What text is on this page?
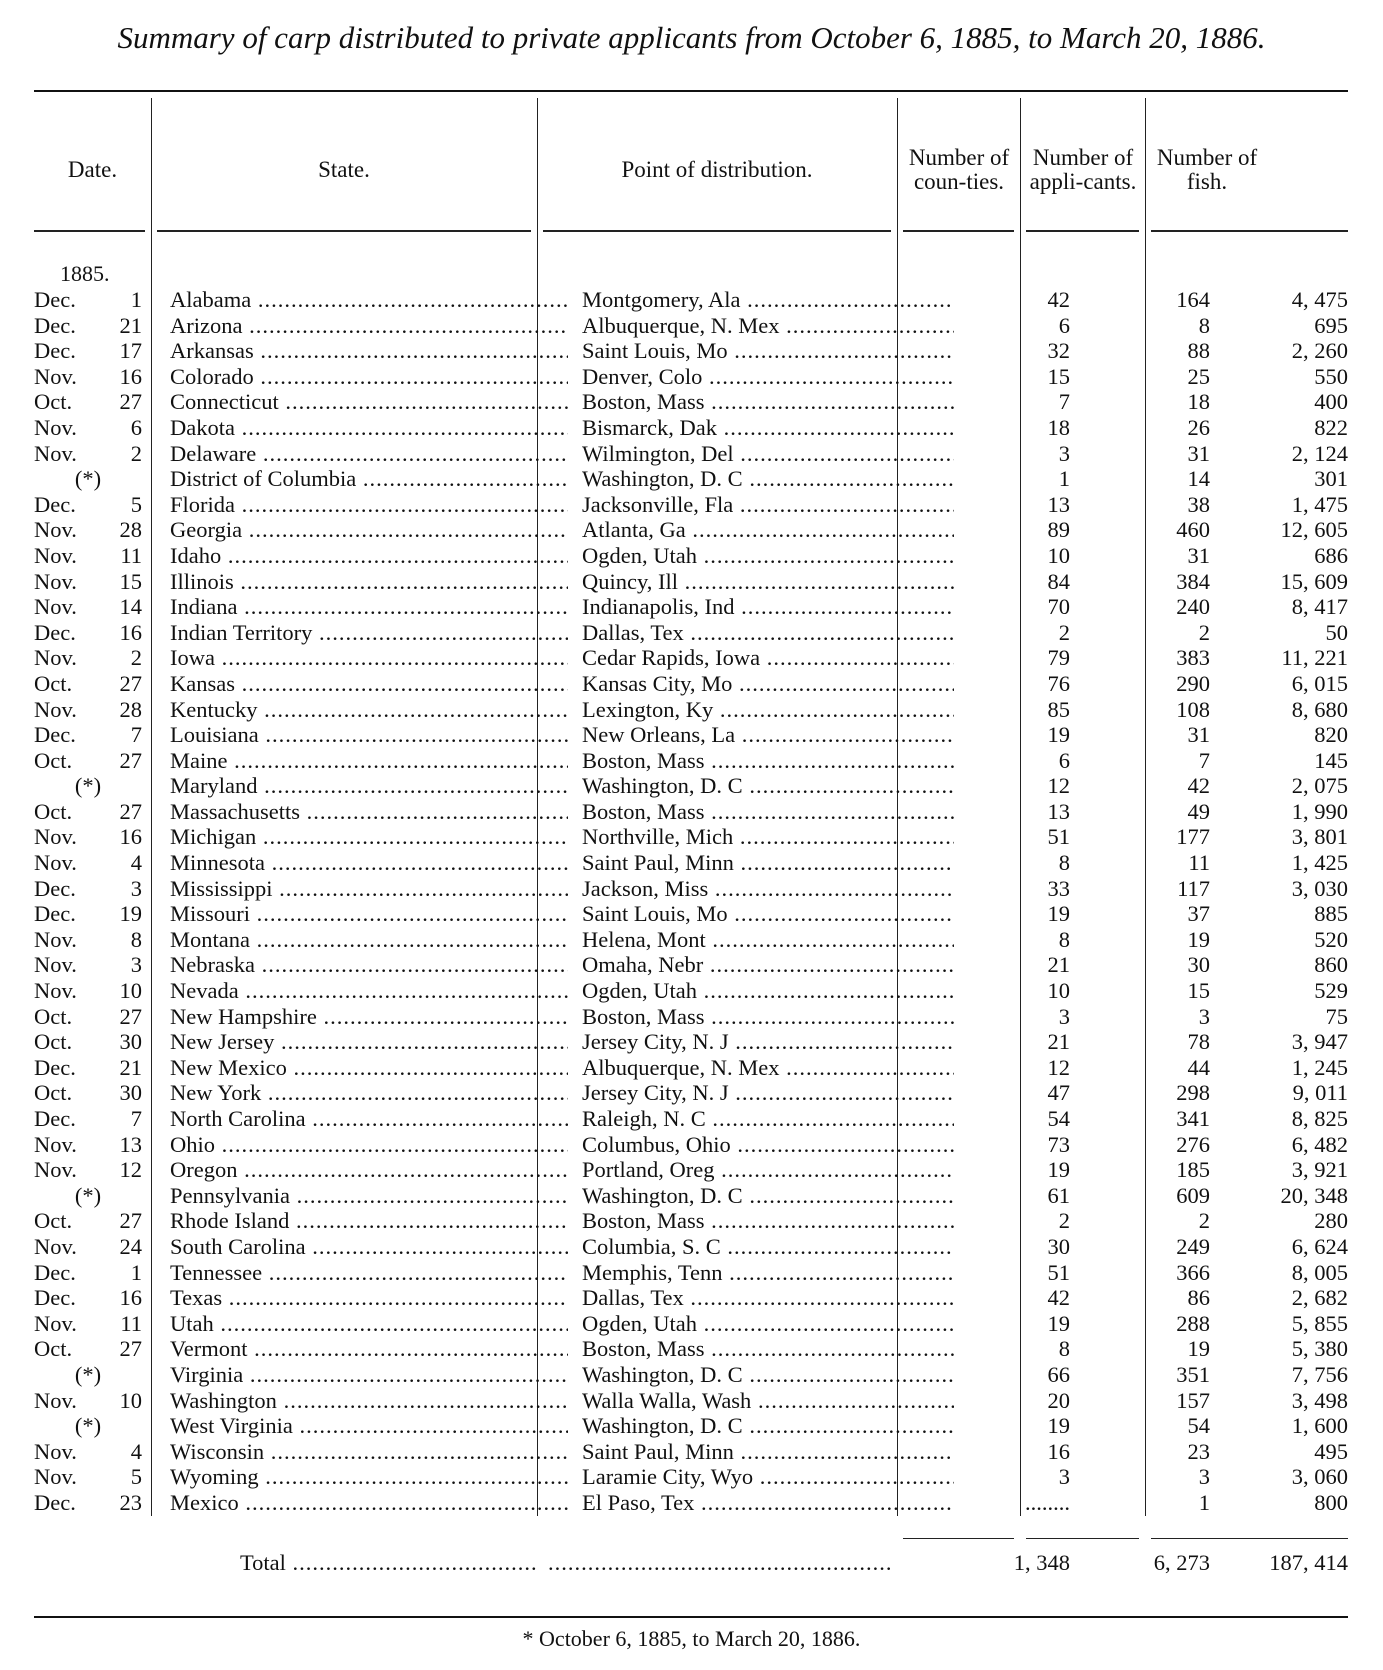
Summary of carp distributed to private applicants from October 6, 1885, to March 20, 1886.
Date.	State.	Point of distribution.	Number of coun-ties.
Number of appli-cants.
Number of fish.
1885.
Dec.	1 Alabama .....	Montgomery, Ala .....	42	164	4, 475
Dec.	21 Arizona .....	Albuquerque, N. Mex .....	6	8	695
Dec.	17 Arkansas .....	Saint Louis, Mo .....	32	88	2, 260
Nov.	16 Colorado .....	Denver, Colo .....	15	25	550
Oct.	27 Connecticut .....	Boston, Mass .....	7	18	400
Nov.	6 Dakota .....	Bismarck, Dak .....	18	26	822
Nov.	2 Delaware .....	Wilmington, Del .....	3	31	2, 124
(*)	District of Columbia .....	Washington, D. C .....	1	14	301
Dec.	5 Florida .....	Jacksonville, Fla .....	13	38	1, 475
Nov.	28 Georgia .....	Atlanta, Ga .....	89	460	12, 605
Nov.	11 Idaho .....	Ogden, Utah .....	10	31	686
Nov.	15 Illinois .....	Quincy, Ill .....	84	384	15, 609
Nov.	14 Indiana .....	Indianapolis, Ind .....	70	240	8, 417
Dec.	16 Indian Territory .....	Dallas, Tex .....	2	2	50
Nov.	2 Iowa .....	Cedar Rapids, Iowa .....	79	383	11, 221
Oct.	27 Kansas .....	Kansas City, Mo .....	76	290	6, 015
Nov.	28 Kentucky .....	Lexington, Ky .....	85	108	8, 680
Dec.	7 Louisiana .....	New Orleans, La .....	19	31	820
Oct.	27 Maine .....	Boston, Mass .....	6	7	145
(*)	Maryland .....	Washington, D. C .....	12	42	2, 075
Oct.	27 Massachusetts .....	Boston, Mass .....	13	49	1, 990
Nov.	16 Michigan .....	Northville, Mich .....	51	177	3, 801
Nov.	4 Minnesota .....	Saint Paul, Minn .....	8	11	1, 425
Dec.	3 Mississippi .....	Jackson, Miss .....	33	117	3, 030
Dec.	19 Missouri .....	Saint Louis, Mo .....	19	37	885
Nov.	8 Montana .....	Helena, Mont .....	8	19	520
Nov.	3 Nebraska .....	Omaha, Nebr .....	21	30	860
Nov.	10 Nevada .....	Ogden, Utah .....	10	15	529
Oct.	27 New Hampshire .....	Boston, Mass .....	3	3	75
Oct.	30 New Jersey .....	Jersey City, N. J .....	21	78	3, 947
Dec.	21 New Mexico .....	Albuquerque, N. Mex .....	12	44	1, 245
Oct.	30 New York .....	Jersey City, N. J .....	47	298	9, 011
Dec.	7 North Carolina .....	Raleigh, N. C .....	54	341	8, 825
Nov.	13 Ohio .....	Columbus, Ohio .....	73	276	6, 482
Nov.	12 Oregon .....	Portland, Oreg .....	19	185	3, 921
(*)	Pennsylvania .....	Washington, D. C .....	61	609	20, 348
Oct.	27 Rhode Island .....	Boston, Mass .....	2	2	280
Nov.	24 South Carolina .....	Columbia, S. C .....	30	249	6, 624
Dec.	1 Tennessee .....	Memphis, Tenn .....	51	366	8, 005
Dec.	16 Texas .....	Dallas, Tex .....	42	86	2, 682
Nov.	11 Utah .....	Ogden, Utah .....	19	288	5, 855
Oct.	27 Vermont .....	Boston, Mass .....	8	19	5, 380
(*)	Virginia .....	Washington, D. C .....	66	351	7, 756
Nov.	10 Washington .....	Walla Walla, Wash .....	20	157	3, 498
(*)	West Virginia .....	Washington, D. C .....	19	54	1, 600
Nov.	4 Wisconsin .....	Saint Paul, Minn .....	16	23	495
Nov.	5 Wyoming .....	Laramie City, Wyo .....	3	3	3, 060
Dec.	23 Mexico .....	El Paso, Tex .....	........	1	800
Total .....
.....	1, 348	6, 273	187, 414
* October 6, 1885, to March 20, 1886.
